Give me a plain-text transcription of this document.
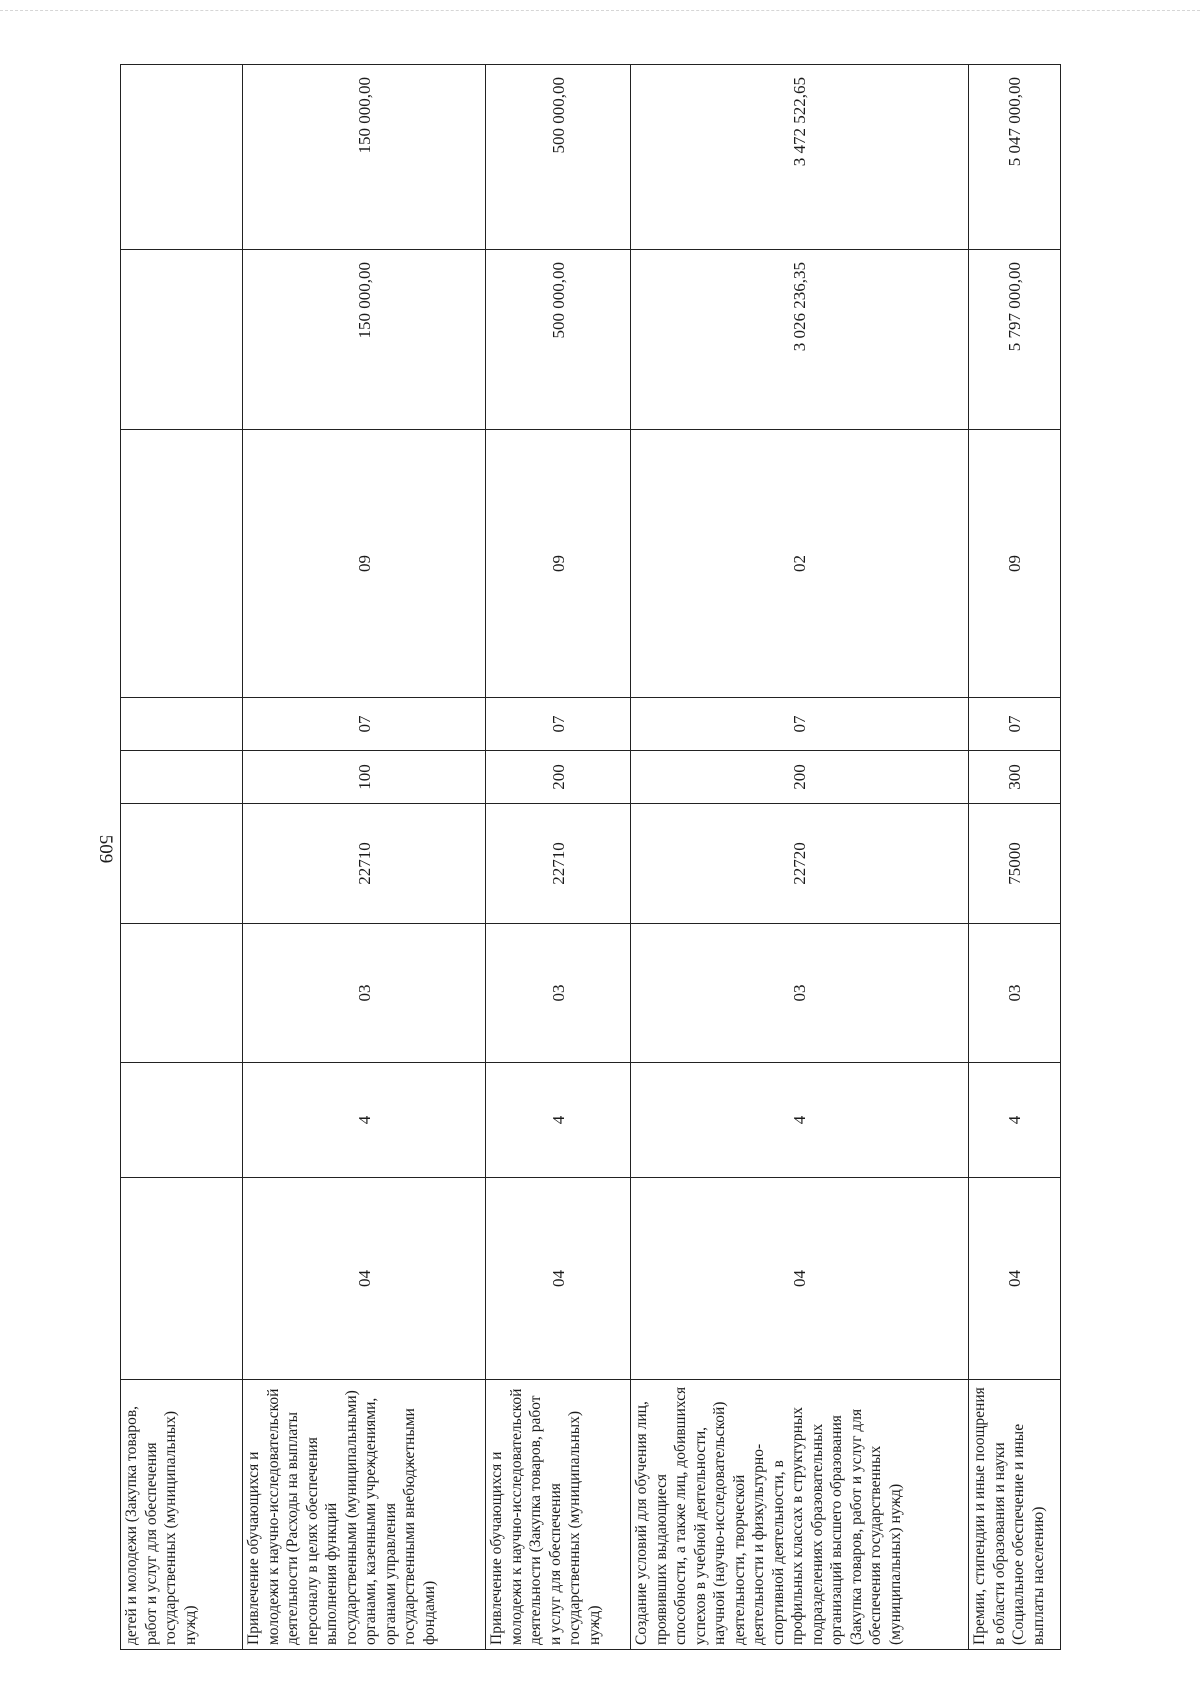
509
детей и молодежи (Закупка товаров, работ и услуг для обеспечения государственных (муниципальных) нужд)										
Привлечение обучающихся и молодежи к научно-исследовательской деятельности (Расходы на выплаты персоналу в целях обеспечения выполнения функций государственными (муниципальными) органами, казенными учреждениями, органами управления государственными внебюджетными фондами)	04	4	03	22710	100	07	09	150 000,00	150 000,00	
Привлечение обучающихся и молодежи к научно-исследовательской деятельности (Закупка товаров, работ и услуг для обеспечения государственных (муниципальных) нужд)	04	4	03	22710	200	07	09	500 000,00	500 000,00	
Создание условий для обучения лиц, проявивших выдающиеся способности, а также лиц, добившихся успехов в учебной деятельности, научной (научно-исследовательской) деятельности, творческой деятельности и физкультурно-спортивной деятельности, в профильных классах в структурных подразделениях образовательных организаций высшего образования (Закупка товаров, работ и услуг для обеспечения государственных (муниципальных) нужд)	04	4	03	22720	200	07	02	3 026 236,35	3 472 522,65	
Премии, стипендии и иные поощрения в области образования и науки (Социальное обеспечение и иные выплаты населению)	04	4	03	75000	300	07	09	5 797 000,00	5 047 000,00	
